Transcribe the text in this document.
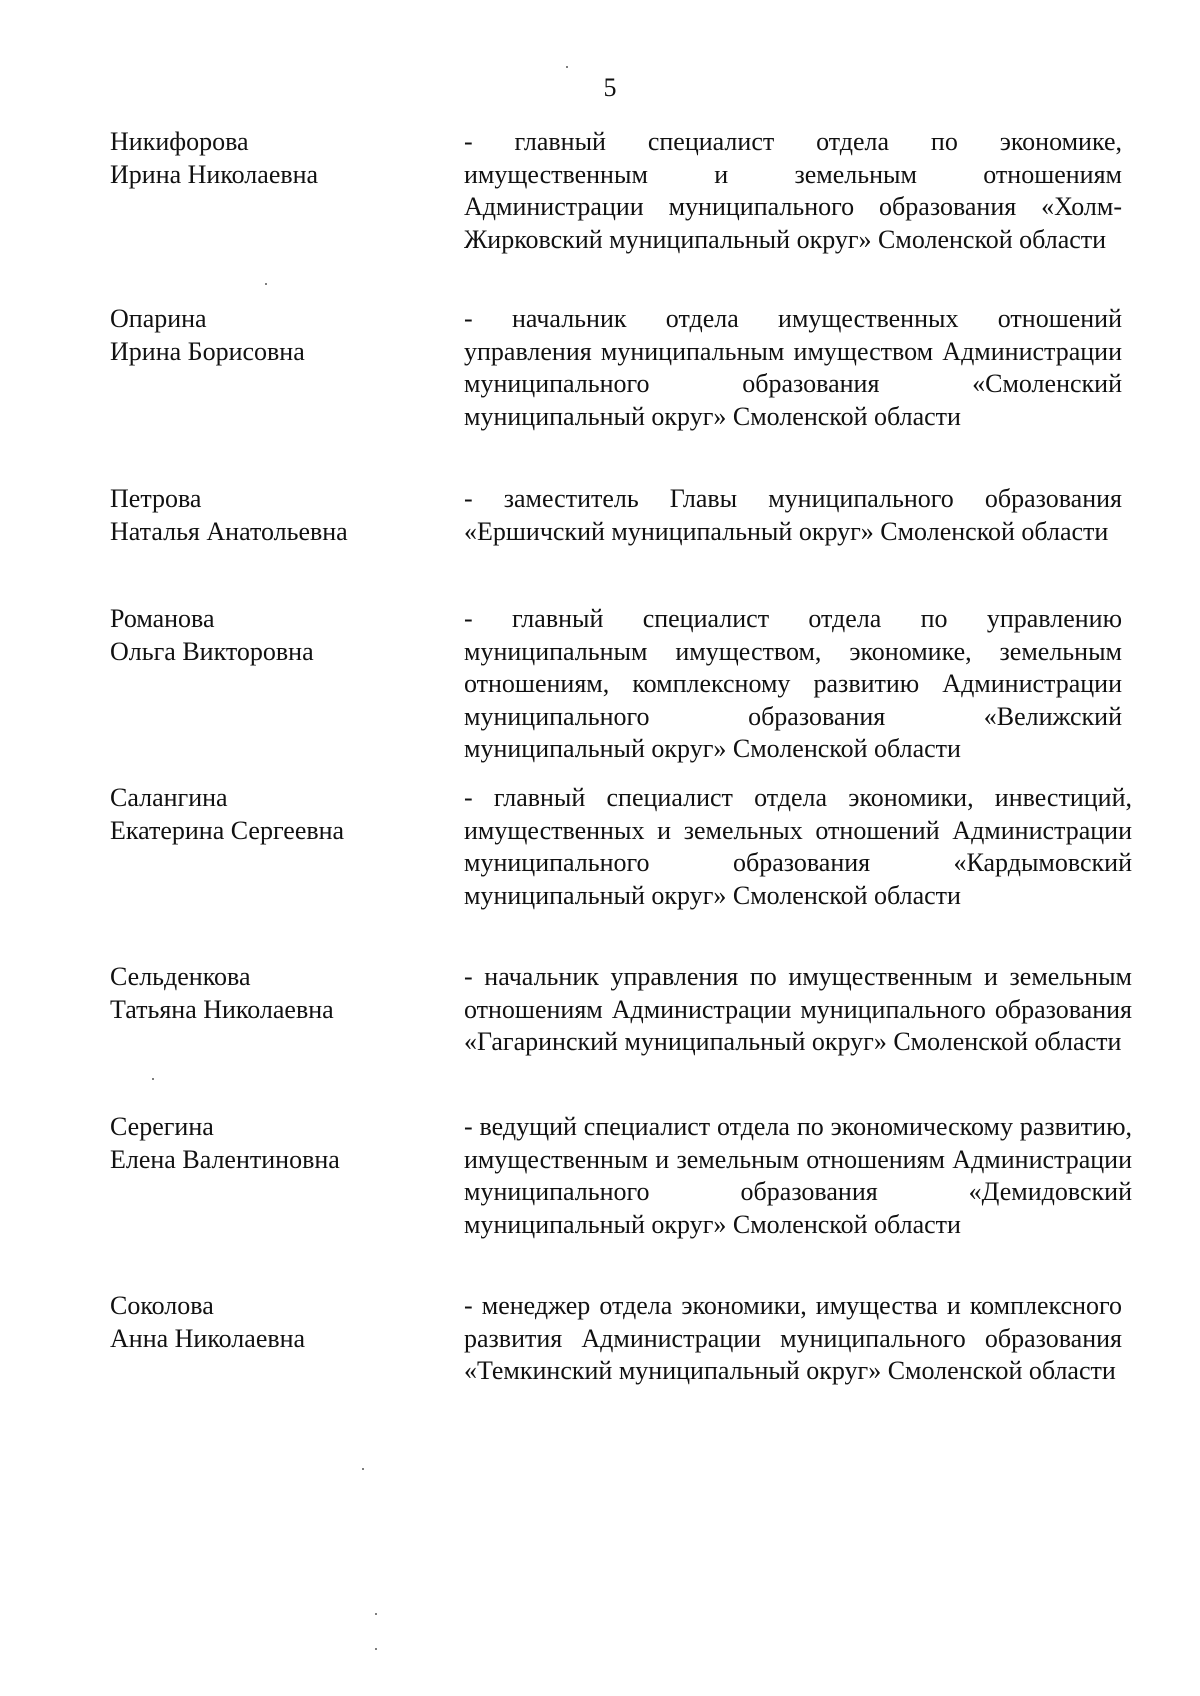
5
Никифорова
Ирина Николаевна
- главный специалист отдела по экономике, имущественным и земельным отношениям Администрации муниципального образования «Холм-Жирковский муниципальный округ» Смоленской области
Опарина
Ирина Борисовна
- начальник отдела имущественных отношений управления муниципальным имуществом Администрации муниципального образования «Смоленский муниципальный округ» Смоленской области
Петрова
Наталья Анатольевна
- заместитель Главы муниципального образования «Ершичский муниципальный округ» Смоленской области
Романова
Ольга Викторовна
- главный специалист отдела по управлению муниципальным имуществом, экономике, земельным отношениям, комплексному развитию Администрации муниципального образования «Велижский муниципальный округ» Смоленской области
Салангина
Екатерина Сергеевна
- главный специалист отдела экономики, инвестиций, имущественных и земельных отношений Администрации муниципального образования «Кардымовский муниципальный округ» Смоленской области
Сельденкова
Татьяна Николаевна
- начальник управления по имущественным и земельным отношениям Администрации муниципального образования «Гагаринский муниципальный округ» Смоленской области
Серегина
Елена Валентиновна
- ведущий специалист отдела по экономическому развитию, имущественным и земельным отношениям Администрации муниципального образования «Демидовский муниципальный округ» Смоленской области
Соколова
Анна Николаевна
- менеджер отдела экономики, имущества и комплексного развития Администрации муниципального образования «Темкинский муниципальный округ» Смоленской области
